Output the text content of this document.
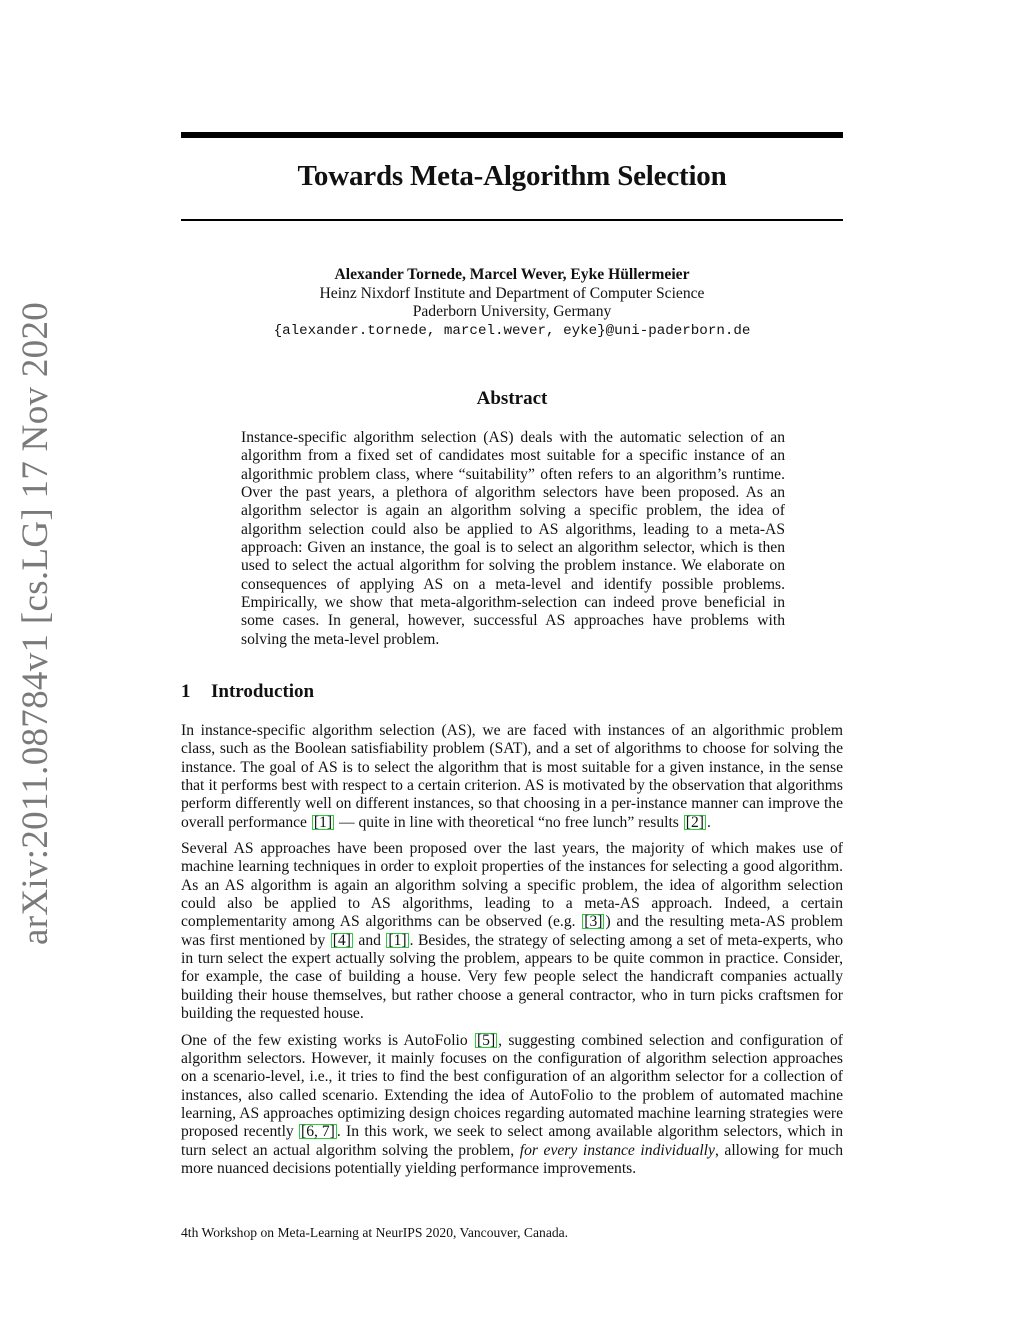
arXiv:2011.08784v1 [cs.LG] 17 Nov 2020
Towards Meta-Algorithm Selection
Alexander Tornede, Marcel Wever, Eyke Hüllermeier
Heinz Nixdorf Institute and Department of Computer Science
Paderborn University, Germany
{alexander.tornede, marcel.wever, eyke}@uni-paderborn.de
Abstract
Instance-specific algorithm selection (AS) deals with the automatic selection of an algorithm from a fixed set of candidates most suitable for a specific instance of an algorithmic problem class, where “suitability” often refers to an algorithm’s runtime. Over the past years, a plethora of algorithm selectors have been proposed. As an algorithm selector is again an algorithm solving a specific problem, the idea of algorithm selection could also be applied to AS algorithms, leading to a meta-AS approach: Given an instance, the goal is to select an algorithm selector, which is then used to select the actual algorithm for solving the problem instance. We elaborate on consequences of applying AS on a meta-level and identify possible problems. Empirically, we show that meta-algorithm-selection can indeed prove beneficial in some cases. In general, however, successful AS approaches have problems with solving the meta-level problem.
1 Introduction

In instance-specific algorithm selection (AS), we are faced with instances of an algorithmic problem class, such as the Boolean satisfiability problem (SAT), and a set of algorithms to choose for solving the instance. The goal of AS is to select the algorithm that is most suitable for a given instance, in the sense that it performs best with respect to a certain criterion. AS is motivated by the observation that algorithms perform differently well on different instances, so that choosing in a per-instance manner can improve the overall performance [1] — quite in line with theoretical “no free lunch” results [2] .

Several AS approaches have been proposed over the last years, the majority of which makes use of machine learning techniques in order to exploit properties of the instances for selecting a good algorithm. As an AS algorithm is again an algorithm solving a specific problem, the idea of algorithm selection could also be applied to AS algorithms, leading to a meta-AS approach. Indeed, a certain complementarity among AS algorithms can be observed (e.g. [3] ) and the resulting meta-AS problem was first mentioned by [4] and [1] . Besides, the strategy of selecting among a set of meta-experts, who in turn select the expert actually solving the problem, appears to be quite common in practice. Consider, for example, the case of building a house. Very few people select the handicraft companies actually building their house themselves, but rather choose a general contractor, who in turn picks craftsmen for building the requested house.

One of the few existing works is AutoFolio [5] , suggesting combined selection and configuration of algorithm selectors. However, it mainly focuses on the configuration of algorithm selection approaches on a scenario-level, i.e., it tries to find the best configuration of an algorithm selector for a collection of instances, also called scenario. Extending the idea of AutoFolio to the problem of automated machine learning, AS approaches optimizing design choices regarding automated machine learning strategies were proposed recently [6, 7] . In this work, we seek to select among available algorithm selectors, which in turn select an actual algorithm solving the problem, for every instance individually, allowing for much more nuanced decisions potentially yielding performance improvements.

4th Workshop on Meta-Learning at NeurIPS 2020, Vancouver, Canada.
